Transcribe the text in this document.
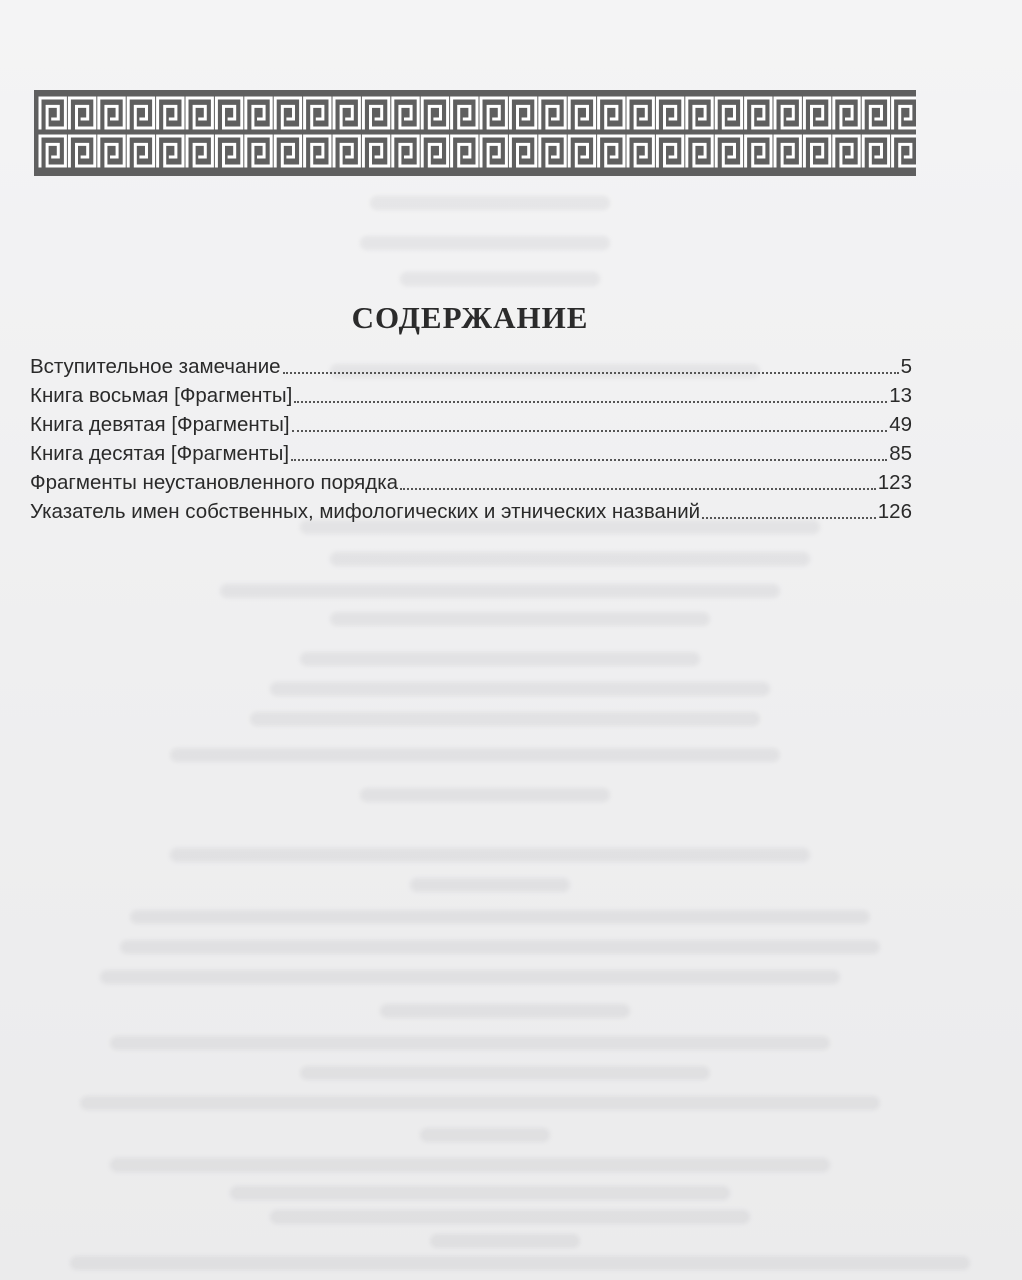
СОДЕРЖАНИЕ
Вступительное замечание	5
Книга восьмая [Фрагменты]	13
Книга девятая [Фрагменты]	49
Книга десятая [Фрагменты]	85
Фрагменты неустановленного порядка	123
Указатель имен собственных, мифологических и этнических названий	126
